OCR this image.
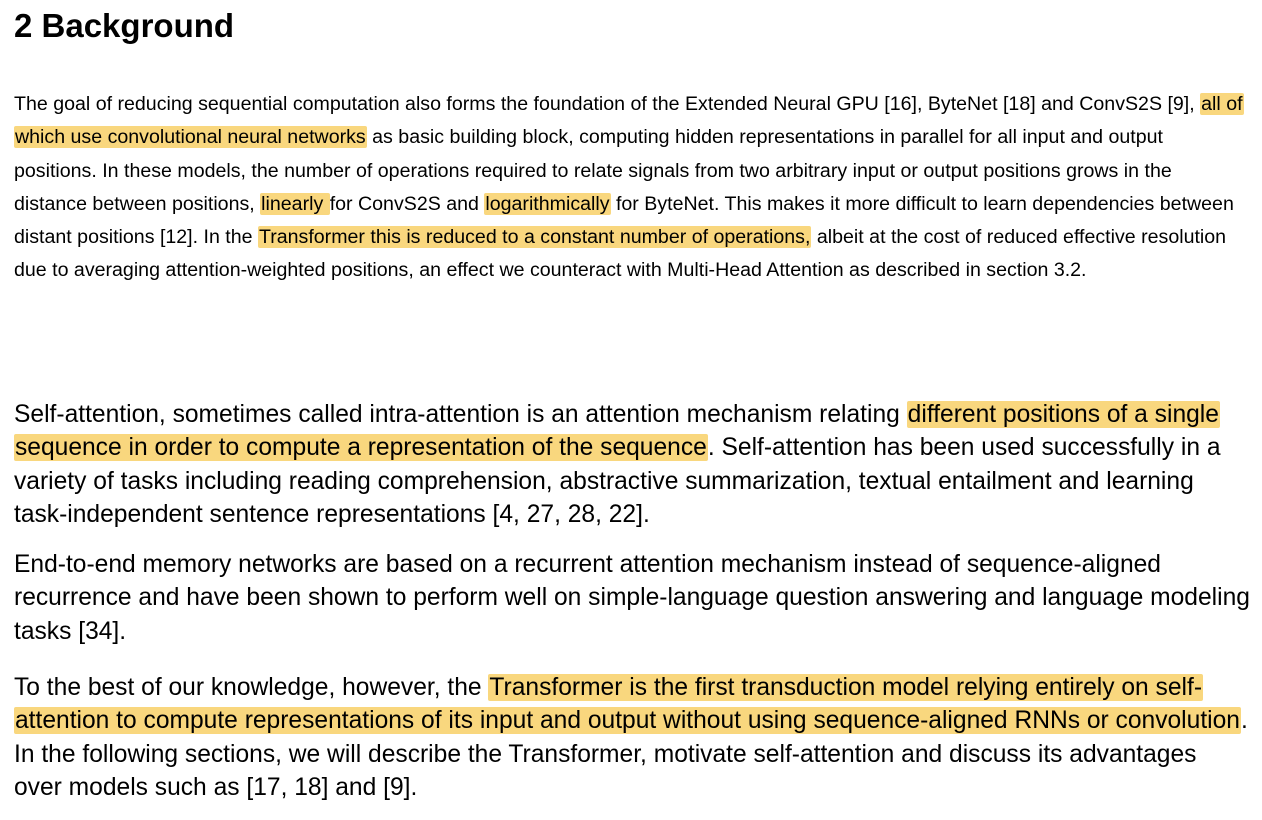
2 Background

The goal of reducing sequential computation also forms the foundation of the Extended Neural GPU [16], ByteNet [18] and ConvS2S [9], all of which use convolutional neural networks as basic building block, computing hidden representations in parallel for all input and output positions. In these models, the number of operations required to relate signals from two arbitrary input or output positions grows in the distance between positions, linearly for ConvS2S and logarithmically for ByteNet. This makes it more difficult to learn dependencies between distant positions [12]. In the Transformer this is reduced to a constant number of operations, albeit at the cost of reduced effective resolution due to averaging attention-weighted positions, an effect we counteract with Multi-Head Attention as described in section 3.2.

Self-attention, sometimes called intra-attention is an attention mechanism relating different positions of a single sequence in order to compute a representation of the sequence. Self-attention has been used successfully in a variety of tasks including reading comprehension, abstractive summarization, textual entailment and learning task-independent sentence representations [4, 27, 28, 22].

End-to-end memory networks are based on a recurrent attention mechanism instead of sequence-aligned recurrence and have been shown to perform well on simple-language question answering and language modeling tasks [34].

To the best of our knowledge, however, the Transformer is the first transduction model relying entirely on self-attention to compute representations of its input and output without using sequence-aligned RNNs or convolution. In the following sections, we will describe the Transformer, motivate self-attention and discuss its advantages over models such as [17, 18] and [9].
